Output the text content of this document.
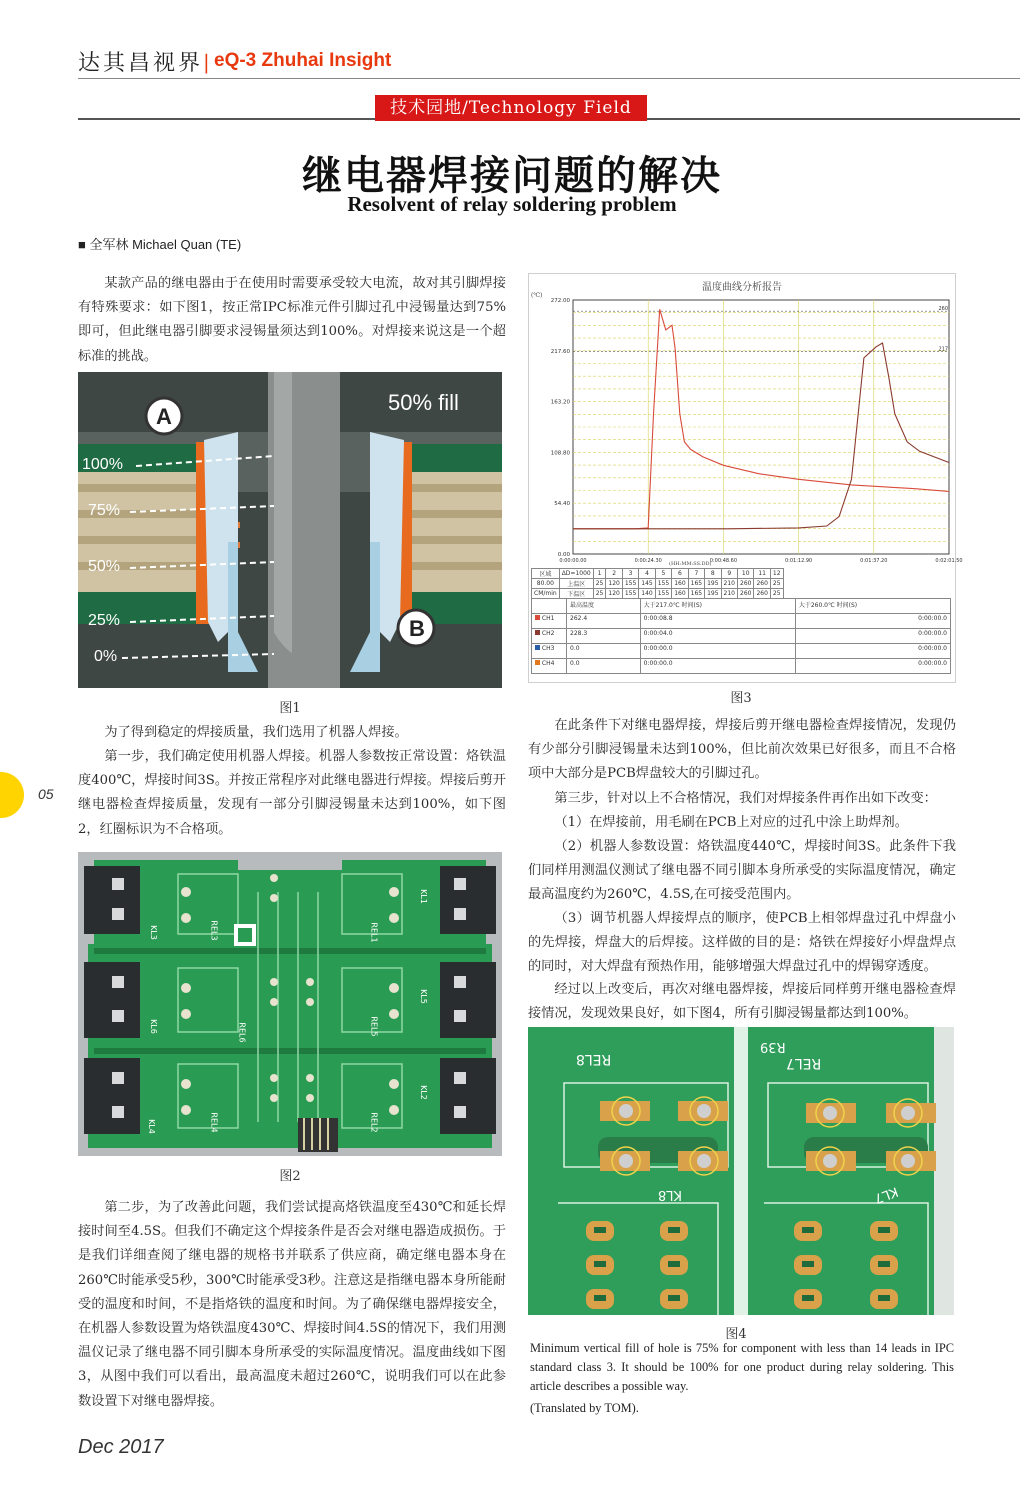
达其昌视界 | eQ-3 Zhuhai Insight
技术园地/Technology Field
继电器焊接问题的解决
Resolvent of relay soldering problem
■ 全军林 Michael Quan (TE)
某款产品的继电器由于在使用时需要承受较大电流，故对其引脚焊接有特殊要求：如下图1，按正常IPC标准元件引脚过孔中浸锡量达到75%即可，但此继电器引脚要求浸锡量须达到100%。对焊接来说这是一个超标准的挑战。
A
B
50% fill
100%
75%
50%
25%
0%
图1
为了得到稳定的焊接质量，我们选用了机器人焊接。
第一步，我们确定使用机器人焊接。机器人参数按正常设置：烙铁温度400℃，焊接时间3S。并按正常程序对此继电器进行焊接。焊接后剪开继电器检查焊接质量，发现有一部分引脚浸锡量未达到100%，如下图2，红圈标识为不合格项。
KL1
REL3
KL3	REL1
KL6	REL6
KL5
REL5
KL4	REL4
KL2
REL2
图2
第二步，为了改善此问题，我们尝试提高烙铁温度至430℃和延长焊接时间至4.5S。但我们不确定这个焊接条件是否会对继电器造成损伤。于是我们详细查阅了继电器的规格书并联系了供应商，确定继电器本身在260℃时能承受5秒，300℃时能承受3秒。注意这是指继电器本身所能耐受的温度和时间，不是指烙铁的温度和时间。为了确保继电器焊接安全，在机器人参数设置为烙铁温度430℃、焊接时间4.5S的情况下，我们用测温仪记录了继电器不同引脚本身所承受的实际温度情况。温度曲线如下图3，从图中我们可以看出，最高温度未超过260℃，说明我们可以在此参数设置下对继电器焊接。
温度曲线分析报告
(℃)
260
217
272.00
217.60
163.20
108.80
54.40
0.00
0:00:00.00	0:00:24.30	0:00:48.60	0:01:12.90	0:01:37.20	0:02:01.50
(HH:MM:SS.DD)
区域	ΔD=1000	1	2	3	4	5	6	7	8	9	10	11	12
80.00	上温区	25	120	155	145	155	160	165	195	210	260	260	25
CM/min	下温区	25	120	155	140	155	160	165	195	210	260	260	25
	最高温度	大于217.0℃ 时间(S)	大于260.0℃ 时间(S)
CH1	262.4	0:00:08.8	0:00:00.0
CH2	228.3	0:00:04.0	0:00:00.0
CH3	0.0	0:00:00.0	0:00:00.0
CH4	0.0	0:00:00.0	0:00:00.0
图3
在此条件下对继电器焊接，焊接后剪开继电器检查焊接情况，发现仍有少部分引脚浸锡量未达到100%，但比前次效果已好很多，而且不合格项中大部分是PCB焊盘较大的引脚过孔。
第三步，针对以上不合格情况，我们对焊接条件再作出如下改变：
（1）在焊接前，用毛刷在PCB上对应的过孔中涂上助焊剂。
（2）机器人参数设置：烙铁温度440℃，焊接时间3S。此条件下我们同样用测温仪测试了继电器不同引脚本身所承受的实际温度情况，确定最高温度约为260℃，4.5S,在可接受范围内。
（3）调节机器人焊接焊点的顺序，使PCB上相邻焊盘过孔中焊盘小的先焊接，焊盘大的后焊接。这样做的目的是：烙铁在焊接好小焊盘焊点的同时，对大焊盘有预热作用，能够增强大焊盘过孔中的焊锡穿透度。
经过以上改变后，再次对继电器焊接，焊接后同样剪开继电器检查焊接情况，发现效果良好，如下图4，所有引脚浸锡量都达到100%。
REL8
R39
REL7
KL8	KL7
图4
Minimum vertical fill of hole is 75% for component with less than 14 leads in IPC standard class 3. It should be 100% for one product during relay soldering. This article describes a possible way.
(Translated by TOM).
05
Dec 2017
